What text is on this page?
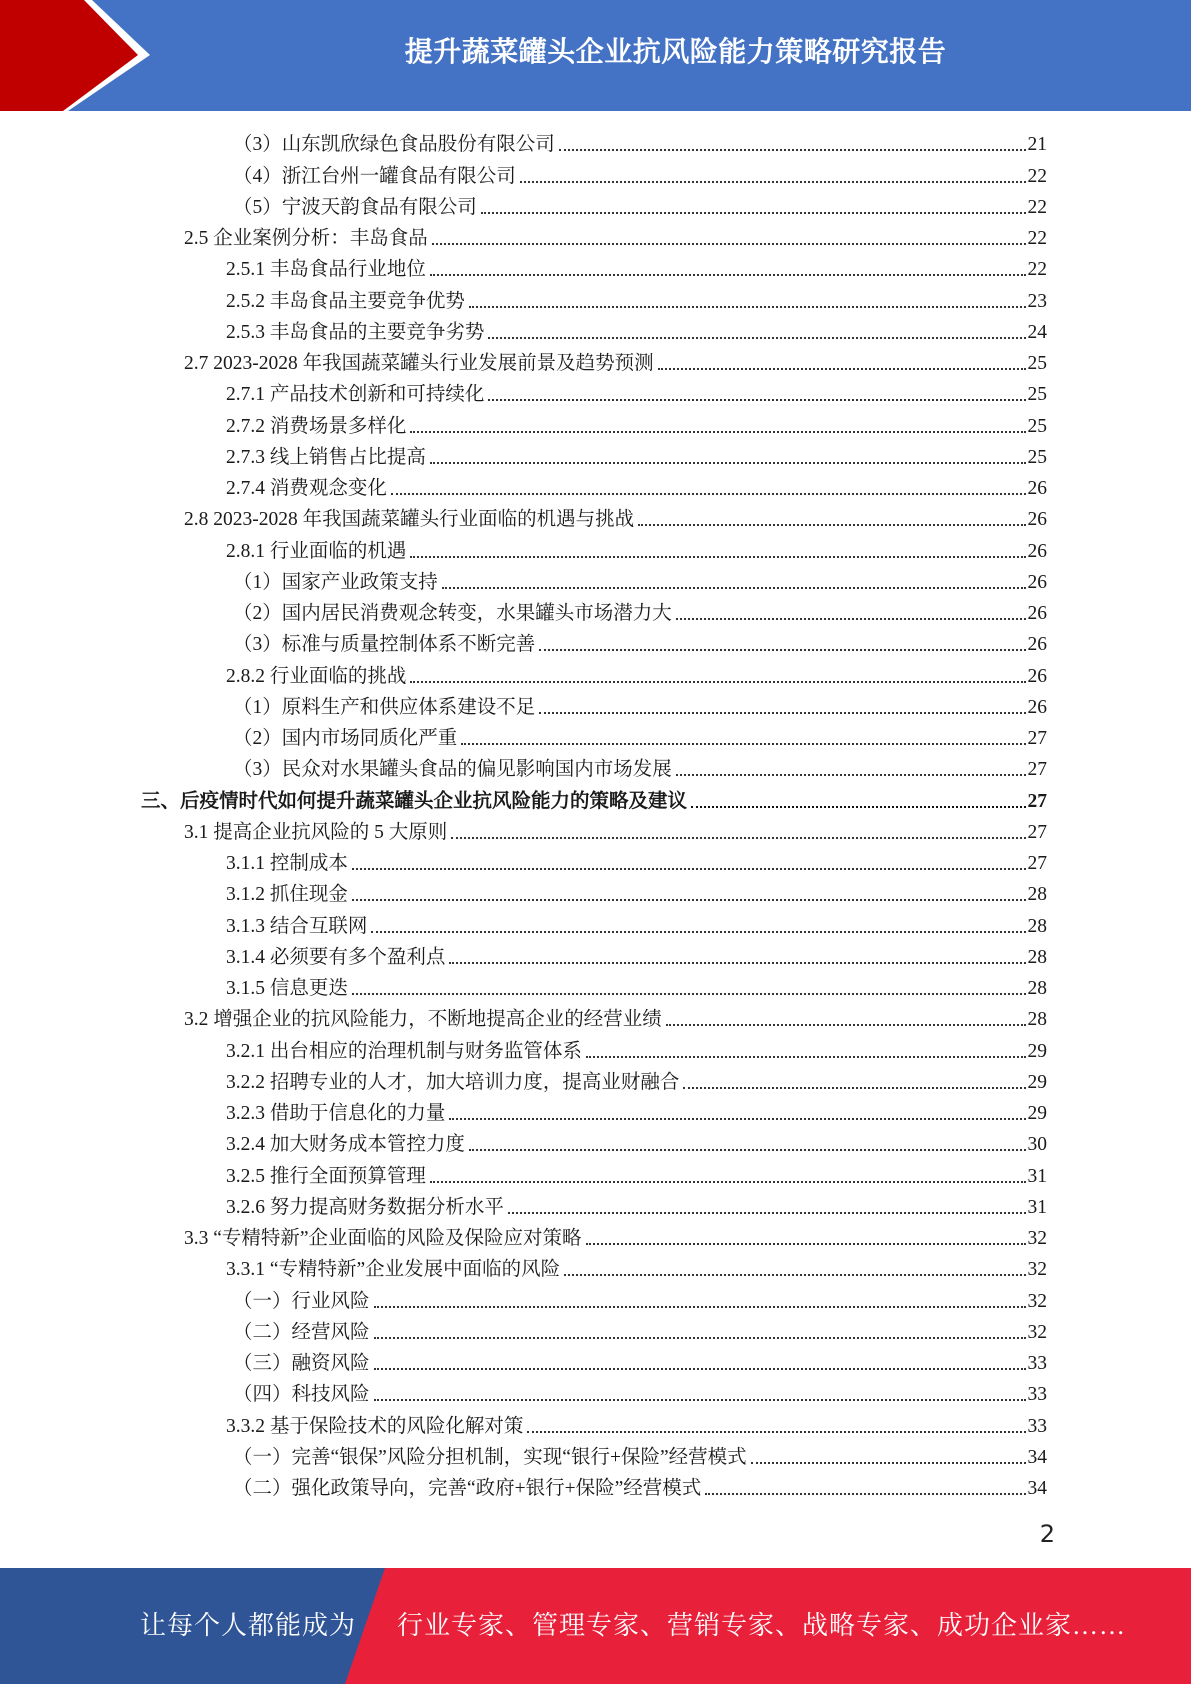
提升蔬菜罐头企业抗风险能力策略研究报告
（3）山东凯欣绿色食品股份有限公司	21
（4）浙江台州一罐食品有限公司	22
（5）宁波天韵食品有限公司	22
2.5 企业案例分析：丰岛食品	22
2.5.1 丰岛食品行业地位	22
2.5.2 丰岛食品主要竞争优势	23
2.5.3 丰岛食品的主要竞争劣势	24
2.7 2023-2028 年我国蔬菜罐头行业发展前景及趋势预测	25
2.7.1 产品技术创新和可持续化	25
2.7.2 消费场景多样化	25
2.7.3 线上销售占比提高	25
2.7.4 消费观念变化	26
2.8 2023-2028 年我国蔬菜罐头行业面临的机遇与挑战	26
2.8.1 行业面临的机遇	26
（1）国家产业政策支持	26
（2）国内居民消费观念转变，水果罐头市场潜力大	26
（3）标准与质量控制体系不断完善	26
2.8.2 行业面临的挑战	26
（1）原料生产和供应体系建设不足	26
（2）国内市场同质化严重	27
（3）民众对水果罐头食品的偏见影响国内市场发展	27
三、后疫情时代如何提升蔬菜罐头企业抗风险能力的策略及建议	27
3.1 提高企业抗风险的 5 大原则	27
3.1.1 控制成本	27
3.1.2 抓住现金	28
3.1.3 结合互联网	28
3.1.4 必须要有多个盈利点	28
3.1.5 信息更迭	28
3.2 增强企业的抗风险能力，不断地提高企业的经营业绩	28
3.2.1 出台相应的治理机制与财务监管体系	29
3.2.2 招聘专业的人才，加大培训力度，提高业财融合	29
3.2.3 借助于信息化的力量	29
3.2.4 加大财务成本管控力度	30
3.2.5 推行全面预算管理	31
3.2.6 努力提高财务数据分析水平	31
3.3 “专精特新”企业面临的风险及保险应对策略	32
3.3.1 “专精特新”企业发展中面临的风险	32
（一）行业风险	32
（二）经营风险	32
（三）融资风险	33
（四）科技风险	33
3.3.2 基于保险技术的风险化解对策	33
（一）完善“银保”风险分担机制，实现“银行+保险”经营模式	34
（二）强化政策导向，完善“政府+银行+保险”经营模式	34
2
让每个人都能成为 行业专家、管理专家、营销专家、战略专家、成功企业家……
